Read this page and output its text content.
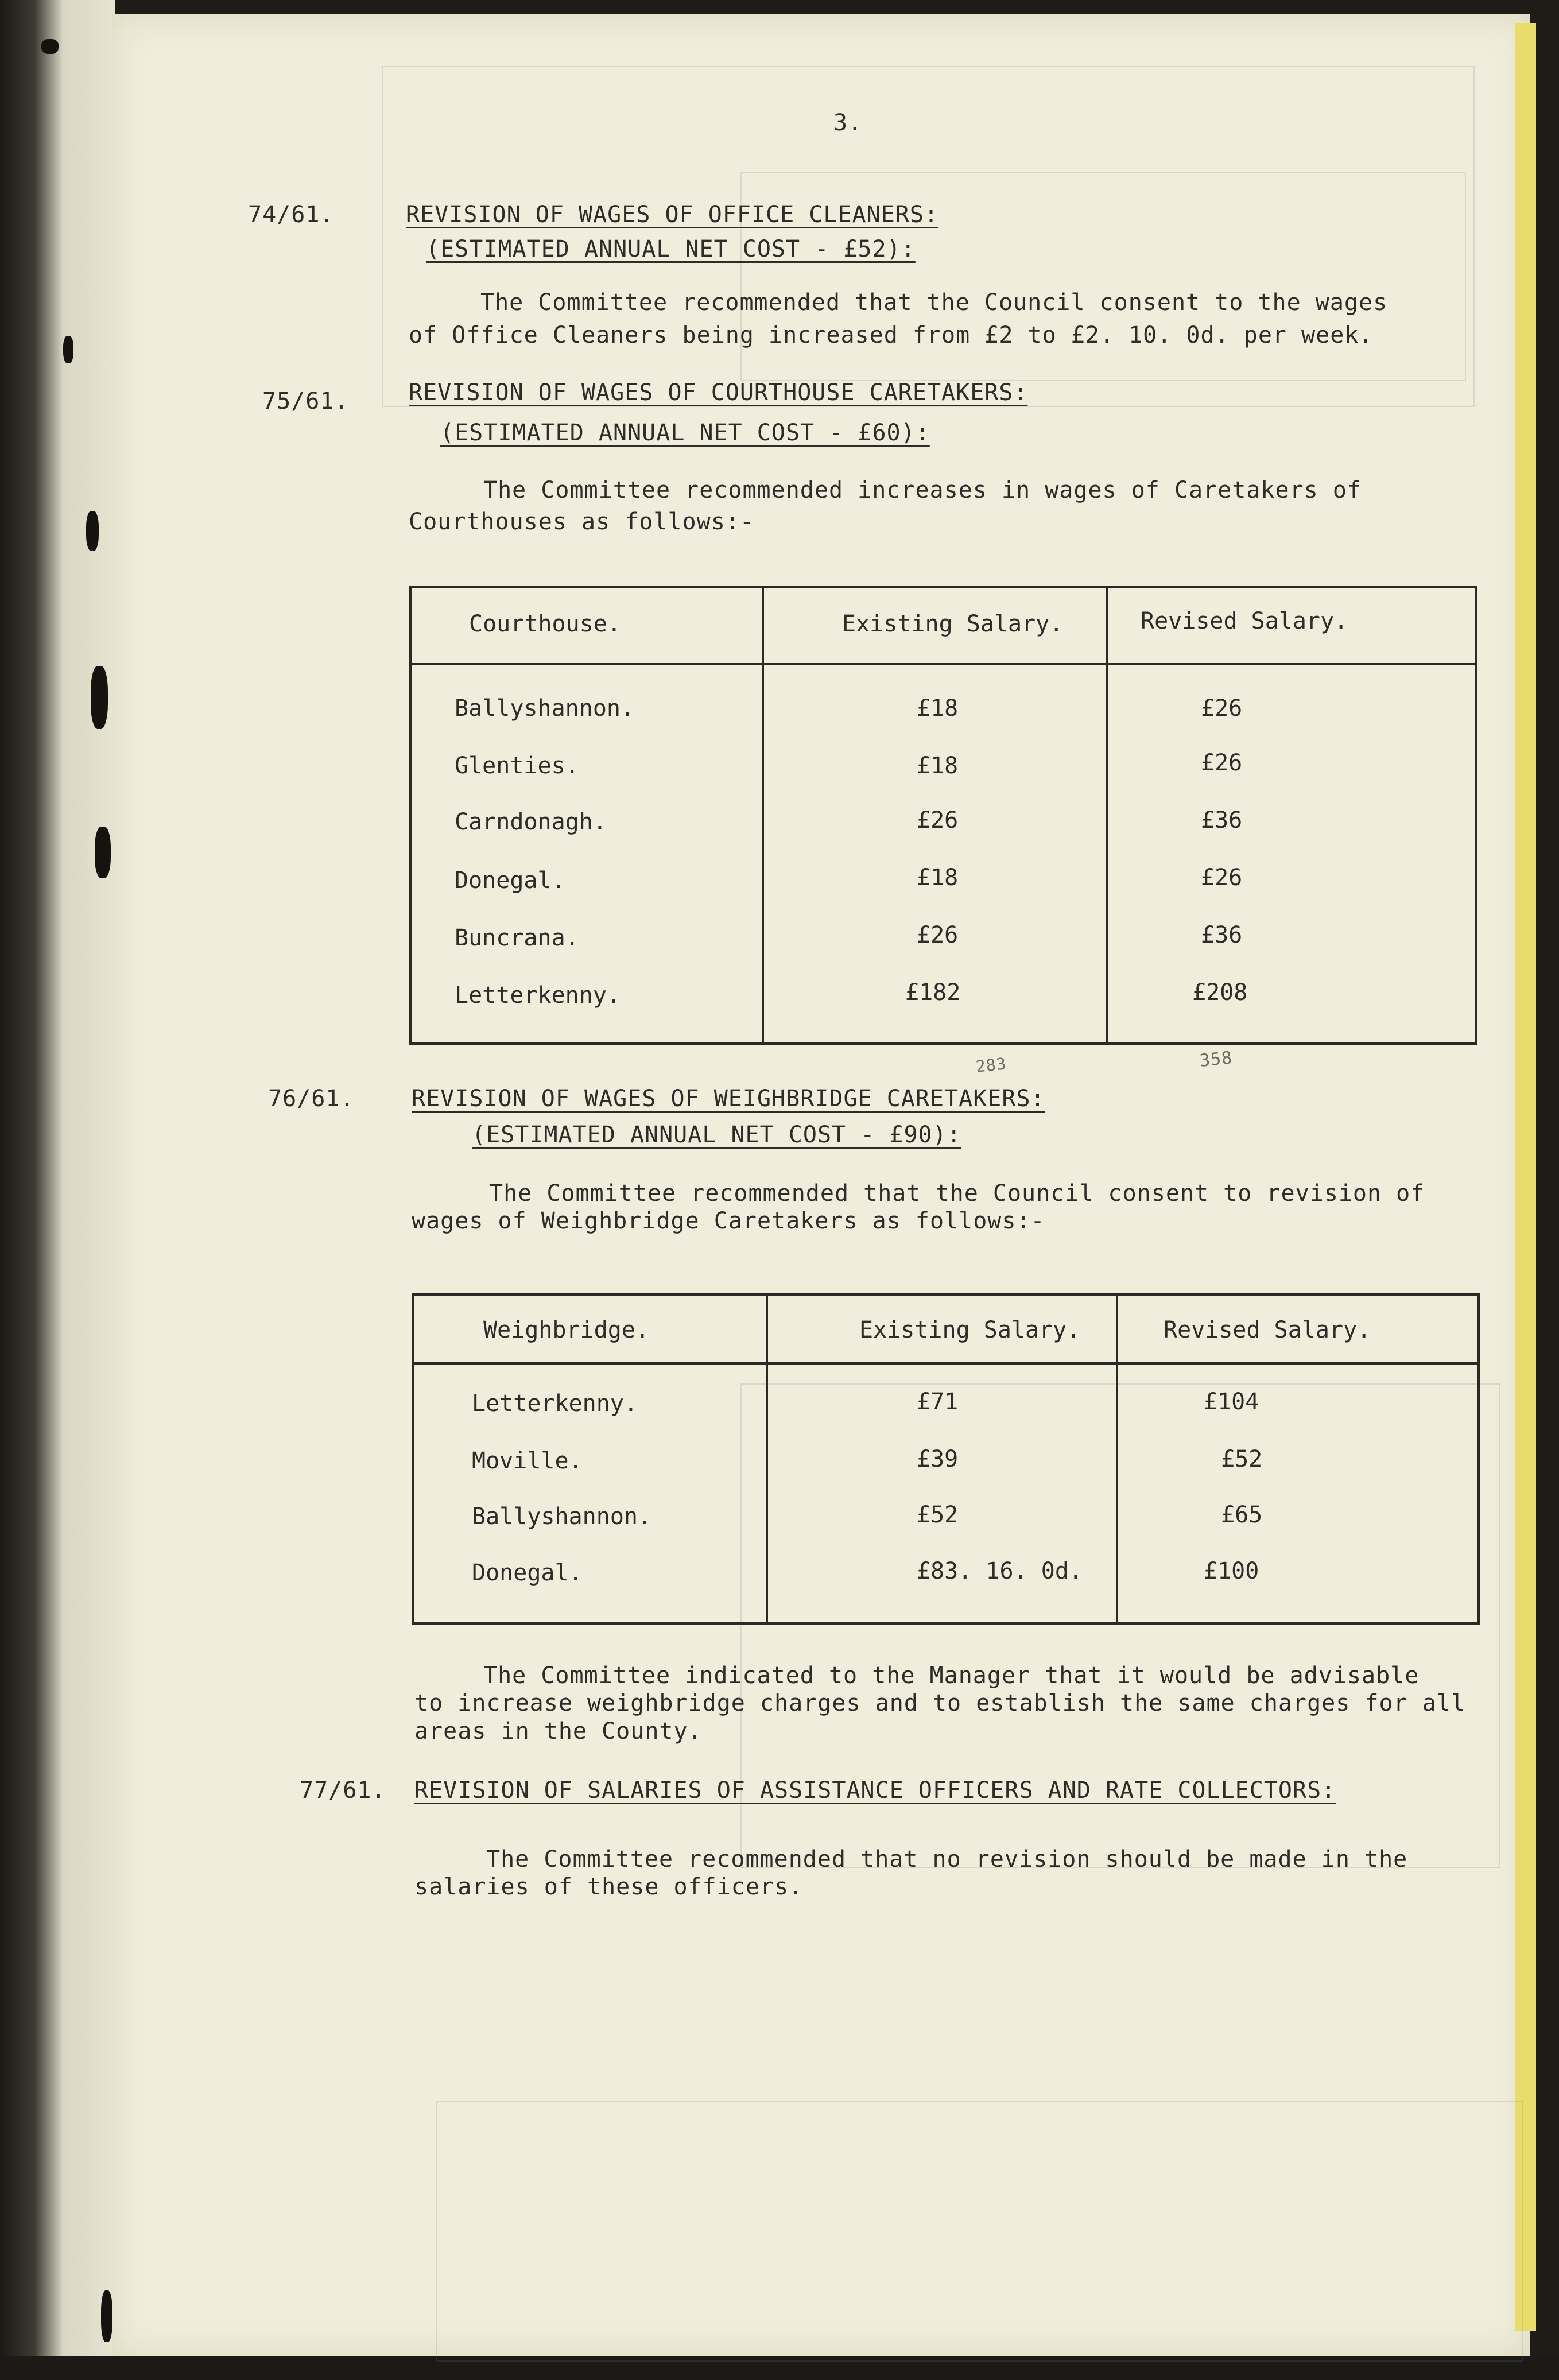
3.
74/61.	REVISION OF WAGES OF OFFICE CLEANERS:
(ESTIMATED ANNUAL NET COST - £52):
The Committee recommended that the Council consent to the wages
of Office Cleaners being increased from £2 to £2. 10. 0d. per week.
75/61.	REVISION OF WAGES OF COURTHOUSE CARETAKERS:
(ESTIMATED ANNUAL NET COST - £60):
The Committee recommended increases in wages of Caretakers of
Courthouses as follows:-
Courthouse.	Existing Salary.	Revised Salary.
Ballyshannon.	£18	£26
Glenties.	£18	£26
Carndonagh.	£26	£36
Donegal.	£18	£26
Buncrana.	£26	£36
Letterkenny.	£182	£208
283	358
76/61. REVISION OF WAGES OF WEIGHBRIDGE CARETAKERS:
(ESTIMATED ANNUAL NET COST - £90):
The Committee recommended that the Council consent to revision of
wages of Weighbridge Caretakers as follows:-
Weighbridge.	Existing Salary.	Revised Salary.
Letterkenny.	£71	£104
Moville.	£39	£52
Ballyshannon.	£52	£65
Donegal.	£83. 16. 0d.	£100
The Committee indicated to the Manager that it would be advisable
to increase weighbridge charges and to establish the same charges for all
areas in the County.
77/61. REVISION OF SALARIES OF ASSISTANCE OFFICERS AND RATE COLLECTORS:
The Committee recommended that no revision should be made in the
salaries of these officers.
